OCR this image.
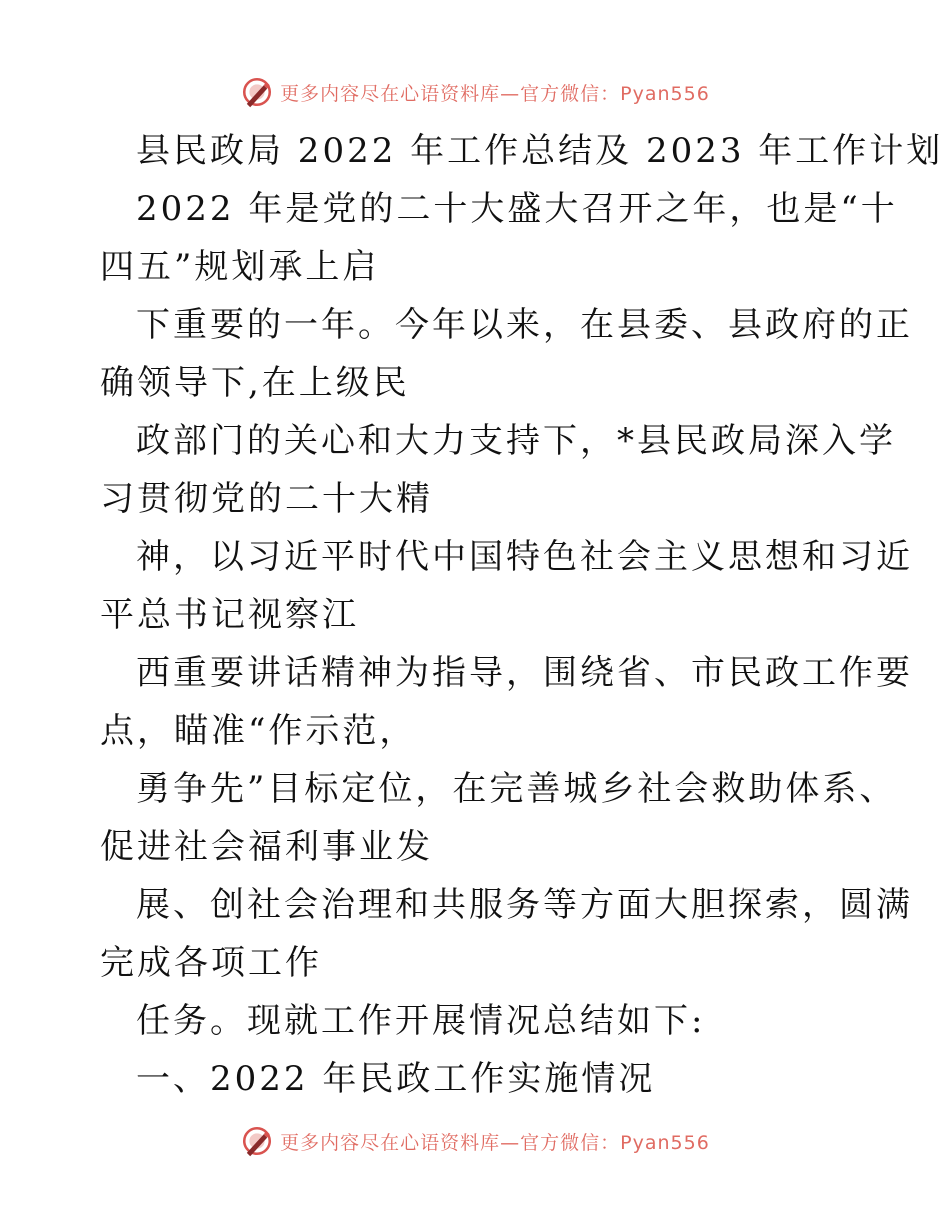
更多内容尽在心语资料库—官方微信：Pyan556
县民政局 2022 年工作总结及 2023 年工作计划
2022 年是党的二十大盛大召开之年，也是“十
四五”规划承上启
下重要的一年。今年以来，在县委、县政府的正
确领导下,在上级民
政部门的关心和大力支持下，*县民政局深入学
习贯彻党的二十大精
神，以习近平时代中国特色社会主义思想和习近
平总书记视察江
西重要讲话精神为指导，围绕省、市民政工作要
点，瞄准“作示范，
勇争先”目标定位，在完善城乡社会救助体系、
促进社会福利事业发
展、创社会治理和共服务等方面大胆探索，圆满
完成各项工作
任务。现就工作开展情况总结如下:
一、2022 年民政工作实施情况
更多内容尽在心语资料库—官方微信：Pyan556
